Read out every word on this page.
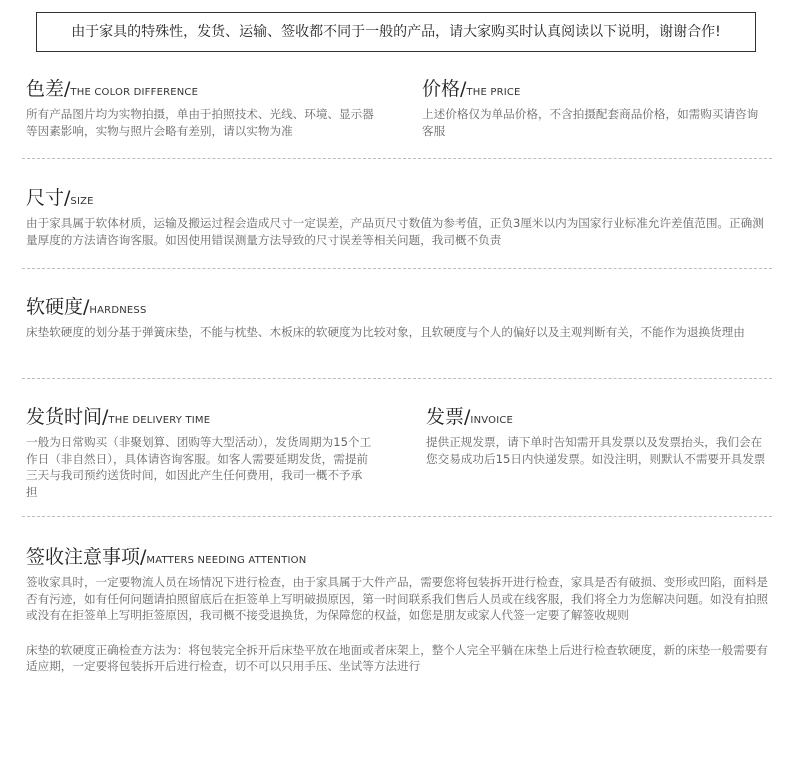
由于家具的特殊性，发货、运输、签收都不同于一般的产品，请大家购买时认真阅读以下说明，谢谢合作!
色差/THE COLOR DIFFERENCE
所有产品图片均为实物拍摄，单由于拍照技术、光线、环境、显示器等因素影响，实物与照片会略有差别，请以实物为准
价格/THE PRICE
上述价格仅为单品价格，不含拍摄配套商品价格，如需购买请咨询客服
尺寸/SIZE
由于家具属于软体材质，运输及搬运过程会造成尺寸一定误差，产品页尺寸数值为参考值，正负3厘米以内为国家行业标准允许差值范围。正确测量厚度的方法请咨询客服。如因使用错误测量方法导致的尺寸误差等相关问题，我司概不负责
软硬度/HARDNESS
床垫软硬度的划分基于弹簧床垫，不能与枕垫、木板床的软硬度为比较对象，且软硬度与个人的偏好以及主观判断有关，不能作为退换货理由
发货时间/THE DELIVERY TIME
一般为日常购买（非聚划算、团购等大型活动），发货周期为15个工作日（非自然日），具体请咨询客服。如客人需要延期发货，需提前三天与我司预约送货时间，如因此产生任何费用，我司一概不予承担
发票/INVOICE
提供正规发票，请下单时告知需开具发票以及发票抬头，我们会在您交易成功后15日内快递发票。如没注明，则默认不需要开具发票
签收注意事项/MATTERS NEEDING ATTENTION
签收家具时，一定要物流人员在场情况下进行检查，由于家具属于大件产品，需要您将包装拆开进行检查，家具是否有破损、变形或凹陷，面料是否有污迹，如有任何问题请拍照留底后在拒签单上写明破损原因，第一时间联系我们售后人员或在线客服，我们将全力为您解决问题。如没有拍照或没有在拒签单上写明拒签原因，我司概不接受退换货，为保障您的权益，如您是朋友或家人代签一定要了解签收规则
床垫的软硬度正确检查方法为：将包装完全拆开后床垫平放在地面或者床架上，整个人完全平躺在床垫上后进行检查软硬度，新的床垫一般需要有适应期，一定要将包装拆开后进行检查，切不可以只用手压、坐试等方法进行
